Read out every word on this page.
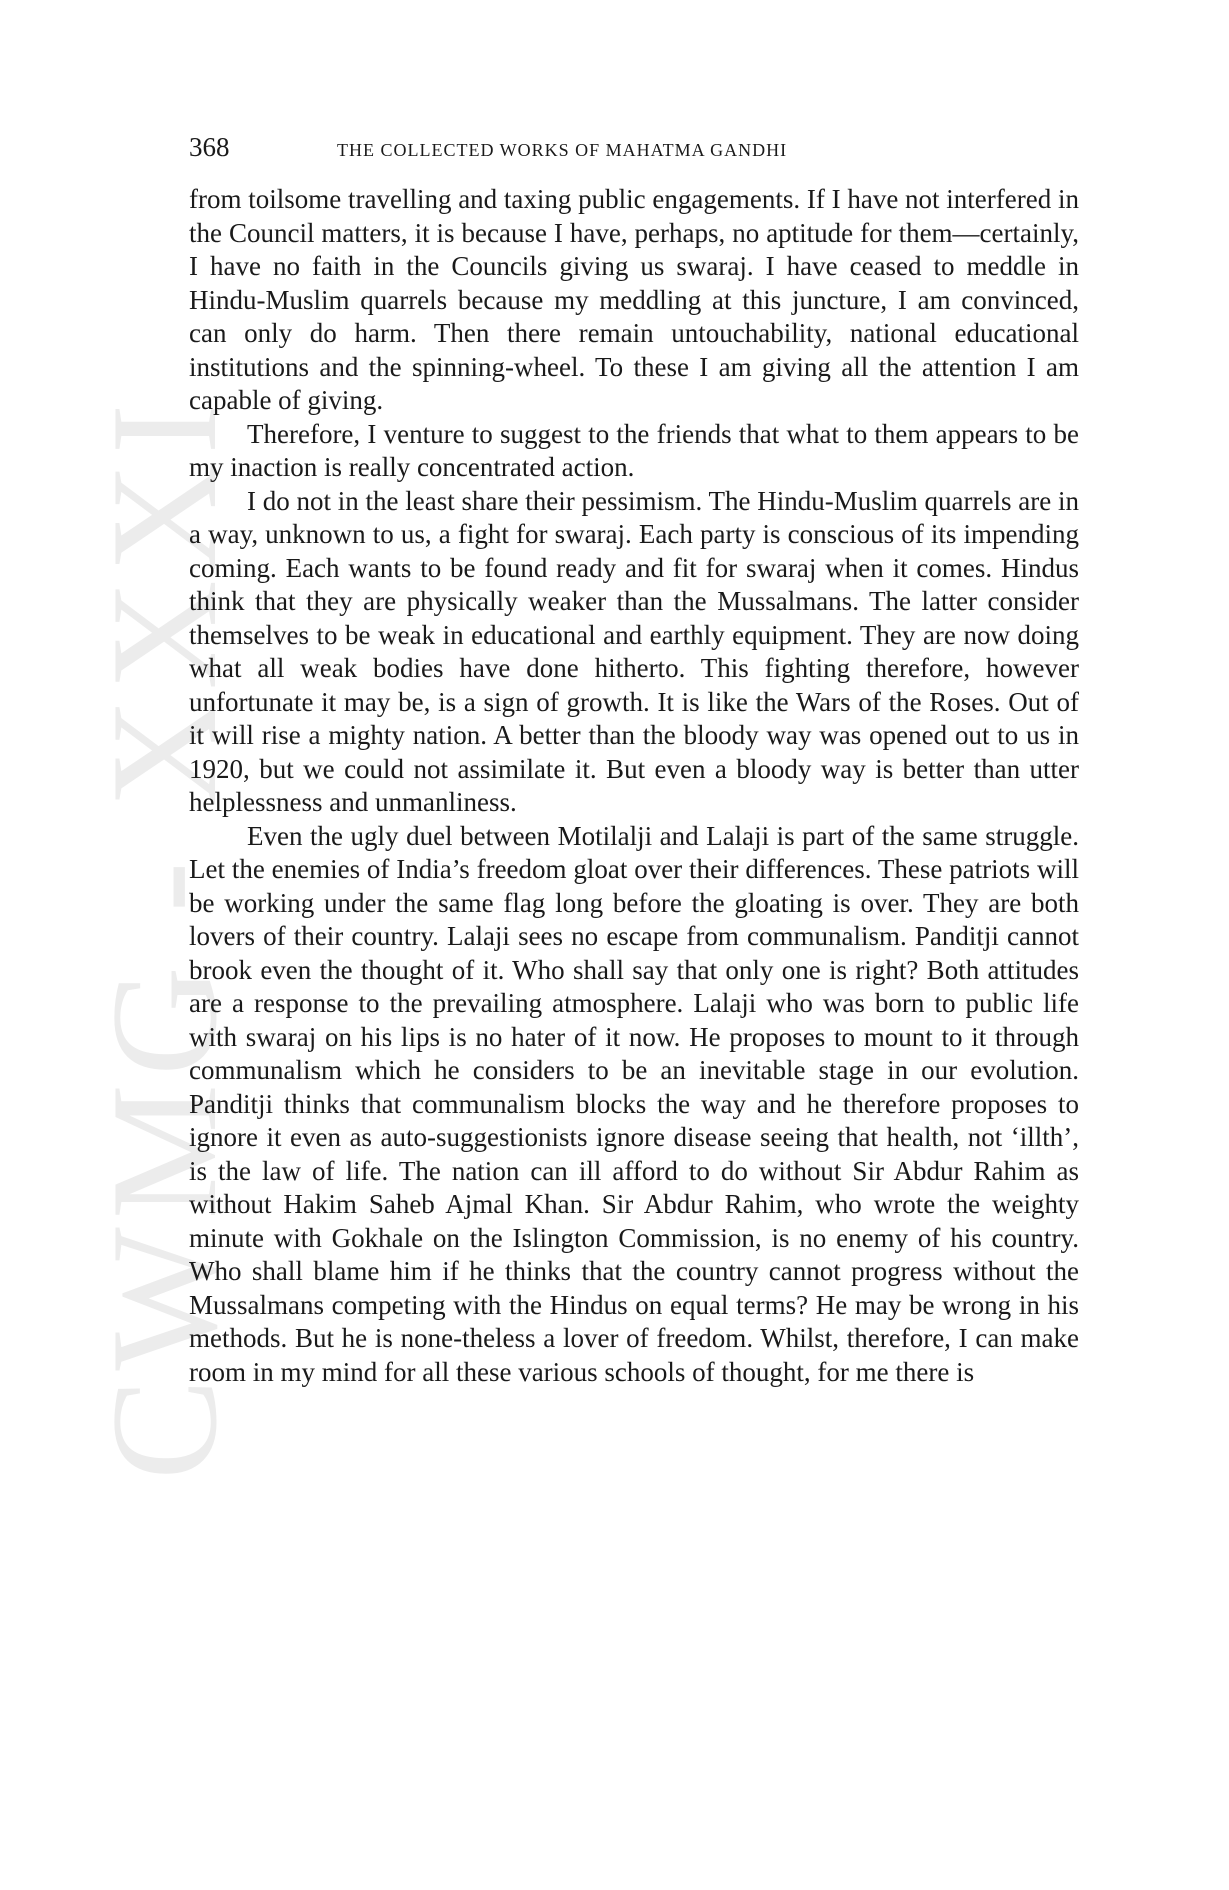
CWMG - XXXI
368	THE COLLECTED WORKS OF MAHATMA GANDHI

from toilsome travelling and taxing public engagements. If I have not interfered in the Council matters, it is because I have, perhaps, no aptitude for them—certainly, I have no faith in the Councils giving us swaraj. I have ceased to meddle in Hindu-Muslim quarrels because my meddling at this juncture, I am convinced, can only do harm. Then there remain untouchability, national educational institutions and the spinning-wheel. To these I am giving all the attention I am capable of giving.

Therefore, I venture to suggest to the friends that what to them appears to be my inaction is really concentrated action.

I do not in the least share their pessimism. The Hindu-Muslim quarrels are in a way, unknown to us, a fight for swaraj. Each party is conscious of its impending coming. Each wants to be found ready and fit for swaraj when it comes. Hindus think that they are physically weaker than the Mussalmans. The latter consider themselves to be weak in educational and earthly equipment. They are now doing what all weak bodies have done hitherto. This fighting therefore, however unfortunate it may be, is a sign of growth. It is like the Wars of the Roses. Out of it will rise a mighty nation. A better than the bloody way was opened out to us in 1920, but we could not assimilate it. But even a bloody way is better than utter helplessness and unmanliness.

Even the ugly duel between Motilalji and Lalaji is part of the same struggle. Let the enemies of India’s freedom gloat over their differences. These patriots will be working under the same flag long before the gloating is over. They are both lovers of their country. Lalaji sees no escape from communalism. Panditji cannot brook even the thought of it. Who shall say that only one is right? Both attitudes are a response to the prevailing atmosphere. Lalaji who was born to public life with swaraj on his lips is no hater of it now. He proposes to mount to it through communalism which he considers to be an inevitable stage in our evolution. Panditji thinks that communalism blocks the way and he therefore proposes to ignore it even as auto-suggestionists ignore disease seeing that health, not ‘illth’, is the law of life. The nation can ill afford to do without Sir Abdur Rahim as without Hakim Saheb Ajmal Khan. Sir Abdur Rahim, who wrote the weighty minute with Gokhale on the Islington Commission, is no enemy of his country. Who shall blame him if he thinks that the country cannot progress without the Mussalmans competing with the Hindus on equal terms? He may be wrong in his methods. But he is none-theless a lover of freedom. Whilst, therefore, I can make room in my mind for all these various schools of thought, for me there is
